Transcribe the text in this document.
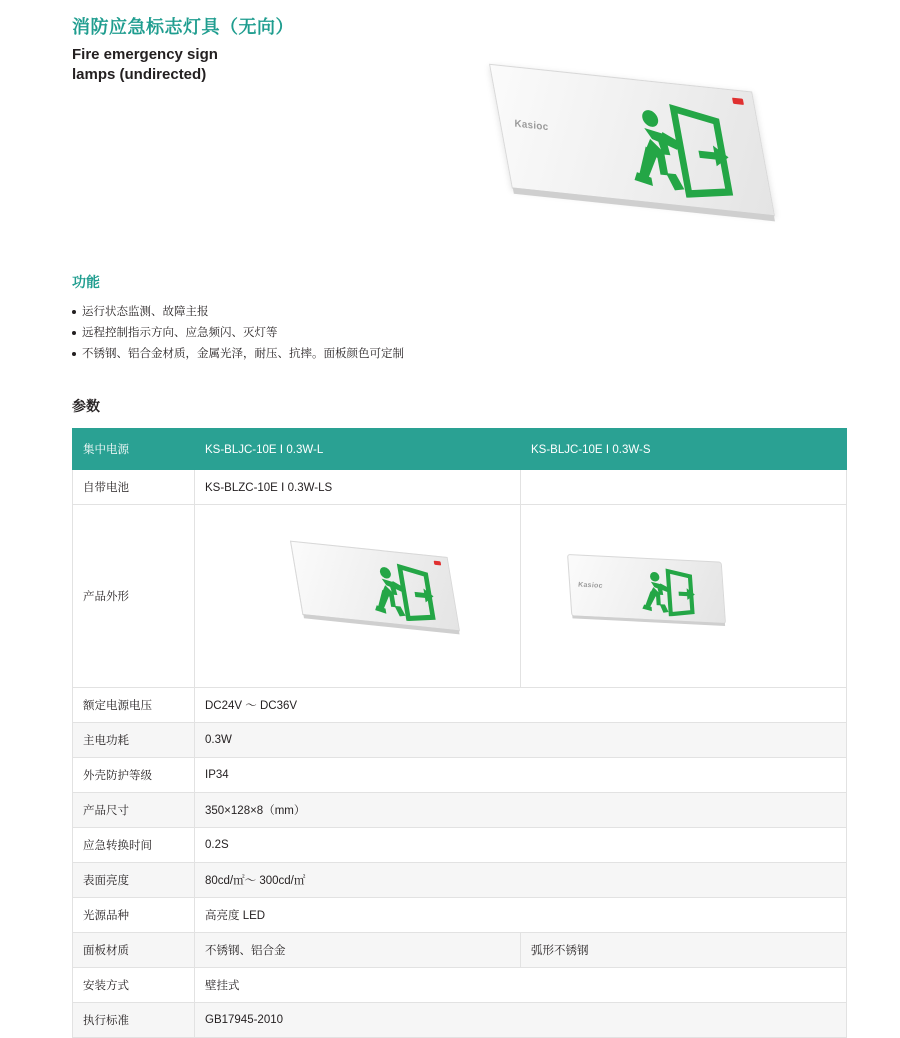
消防应急标志灯具（无向）
Fire emergency sign
lamps (undirected)
Kasioc
功能
运行状态监测、故障主报
远程控制指示方向、应急频闪、灭灯等
不锈钢、铝合金材质，金属光泽，耐压、抗摔。面板颜色可定制
参数
集中电源	KS-BLJC-10E Ⅰ 0.3W-L	KS-BLJC-10E Ⅰ 0.3W-S
自带电池	KS-BLZC-10E Ⅰ 0.3W-LS	
产品外形		Kasioc

额定电源电压	DC24V ～ DC36V	
主电功耗	0.3W	
外壳防护等级	IP34	
产品尺寸	350×128×8（mm）	
应急转换时间	0.2S	
表面亮度	80cd/㎡～ 300cd/㎡	
光源品种	高亮度 LED	
面板材质	不锈钢、铝合金	弧形不锈钢
安装方式	壁挂式	
执行标准	GB17945-2010	
